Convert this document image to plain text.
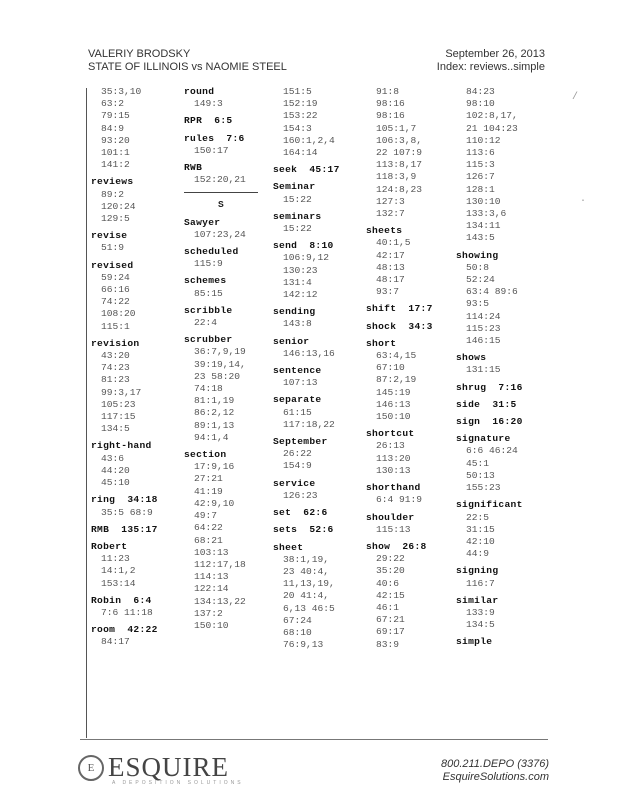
VALERIY BRODSKY
STATE OF ILLINOIS vs NAOMIE STEEL
September 26, 2013
Index: reviews..simple
35:3,10
63:2
79:15
84:9
93:20
101:1
141:2
reviews
89:2
120:24
129:5
revise
51:9
revised
59:24
66:16
74:22
108:20
115:1
revision
43:20
74:23
81:23
99:3,17
105:23
117:15
134:5
right-hand
43:6
44:20
45:10
ring  34:18
35:5 68:9
RMB  135:17
Robert
11:23
14:1,2
153:14
Robin  6:4
7:6 11:18
room  42:22
84:17
round
149:3
RPR  6:5
rules  7:6
150:17
RWB
152:20,21
S
Sawyer
107:23,24
scheduled
115:9
schemes
85:15
scribble
22:4
scrubber
36:7,9,19
39:19,14,
23 58:20
74:18
81:1,19
86:2,12
89:1,13
94:1,4
section
17:9,16
27:21
41:19
42:9,10
49:7
64:22
68:21
103:13
112:17,18
114:13
122:14
134:13,22
137:2
150:10
151:5
152:19
153:22
154:3
160:1,2,4
164:14
seek  45:17
Seminar
15:22
seminars
15:22
send  8:10
106:9,12
130:23
131:4
142:12
sending
143:8
senior
146:13,16
sentence
107:13
separate
61:15
117:18,22
September
26:22
154:9
service
126:23
set  62:6
sets  52:6
sheet
38:1,19,
23 40:4,
11,13,19,
20 41:4,
6,13 46:5
67:24
68:10
76:9,13
91:8
98:16
98:16
105:1,7
106:3,8,
22 107:9
113:8,17
118:3,9
124:8,23
127:3
132:7
sheets
40:1,5
42:17
48:13
48:17
93:7
shift  17:7
shock  34:3
short
63:4,15
67:10
87:2,19
145:19
146:13
150:10
shortcut
26:13
113:20
130:13
shorthand
6:4 91:9
shoulder
115:13
show  26:8
29:22
35:20
40:6
42:15
46:1
67:21
69:17
83:9
84:23
98:10
102:8,17,
21 104:23
110:12
113:6
115:3
126:7
128:1
130:10
133:3,6
134:11
143:5
showing
50:8
52:24
63:4 89:6
93:5
114:24
115:23
146:15
shows
131:15
shrug  7:16
side  31:5
sign  16:20
signature
6:6 46:24
45:1
50:13
155:23
significant
22:5
31:15
42:10
44:9
signing
116:7
similar
133:9
134:5
simple
E ESQUIRE
A DEPOSITION SOLUTIONS
800.211.DEPO (3376)
EsquireSolutions.com
/
·
